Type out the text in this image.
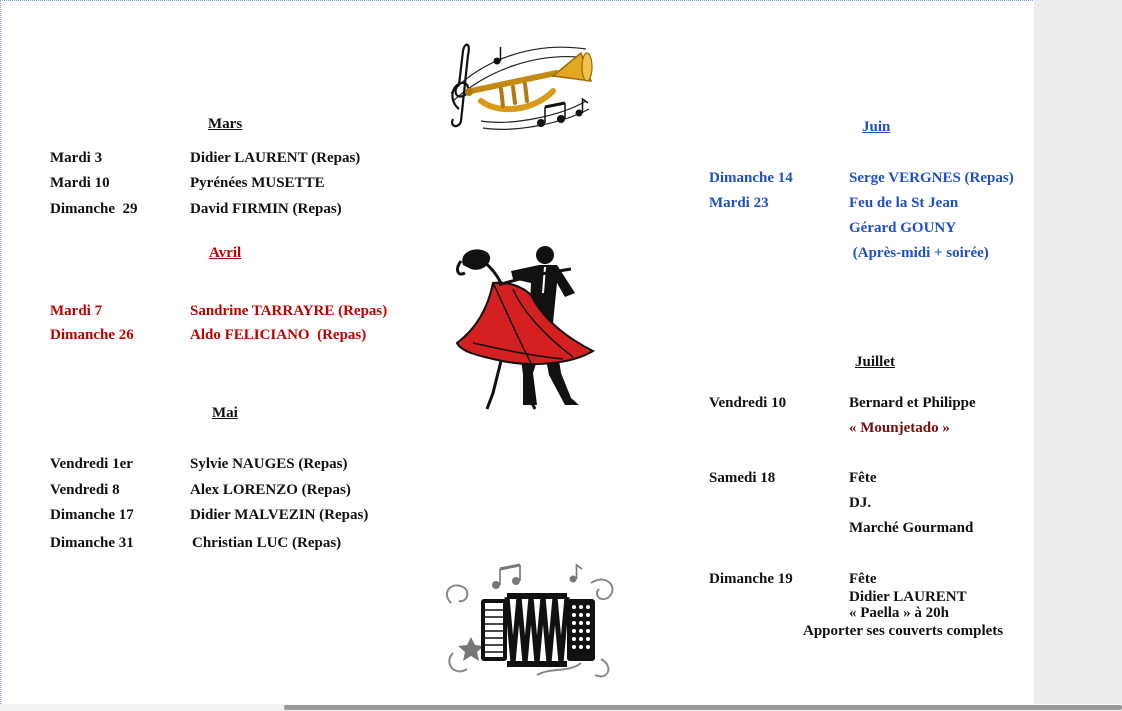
Mars
Mardi 3	Didier LAURENT (Repas)
Mardi 10	Pyrénées MUSETTE
Dimanche  29	David FIRMIN (Repas)
Avril
Mardi 7	Sandrine TARRAYRE (Repas)
Dimanche 26	Aldo FELICIANO  (Repas)
Mai
Vendredi 1er	Sylvie NAUGES (Repas)
Vendredi 8	Alex LORENZO (Repas)
Dimanche 17	Didier MALVEZIN (Repas)
Dimanche 31	Christian LUC (Repas)
Juin
Dimanche 14	Serge VERGNES (Repas)
Mardi 23	Feu de la St Jean
Gérard GOUNY
(Après-midi + soirée)
Juillet
Vendredi 10	Bernard et Philippe
« Mounjetado »
Samedi 18	Fête
DJ.
Marché Gourmand
Dimanche 19	Fête
Didier LAURENT
« Paella » à 20h
Apporter ses couverts complets
